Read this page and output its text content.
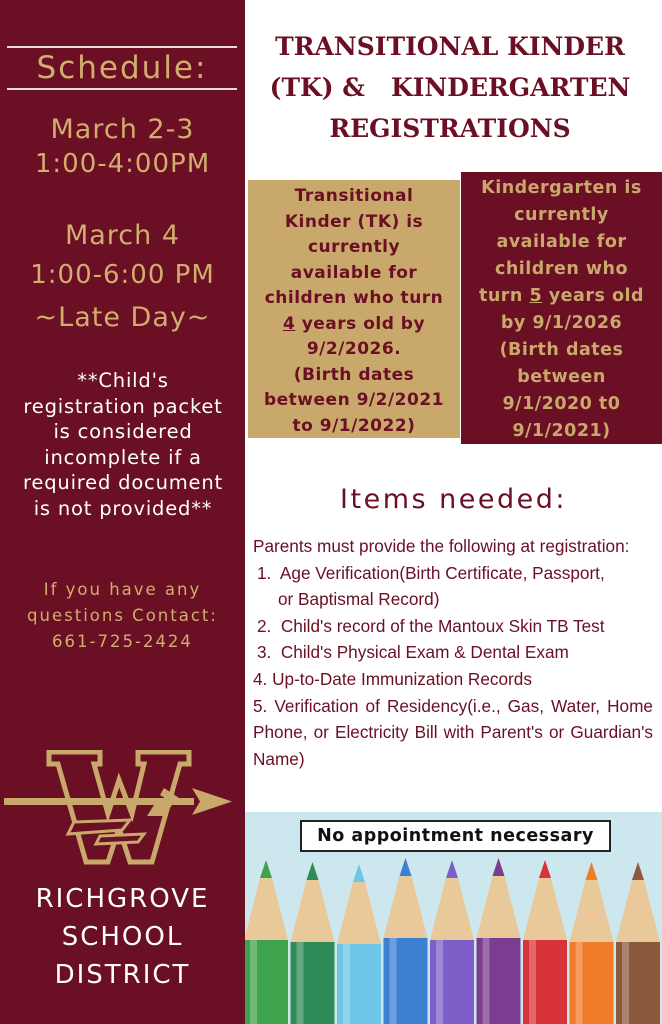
Schedule:
March 2-3
1:00-4:00PM
March 4
1:00-6:00 PM
~Late Day~
**Child's
registration packet
is considered
incomplete if a
required document
is not provided**
If you have any
questions Contact:
661-725-2424
RICHGROVE
SCHOOL
DISTRICT
TRANSITIONAL KINDER
(TK) &   KINDERGARTEN
REGISTRATIONS
Transitional
Kinder (TK) is
currently
available for
children who turn
4 years old by
9/2/2026.
(Birth dates
between 9/2/2021
to 9/1/2022)
Kindergarten is
currently
available for
children who
turn 5 years old
by 9/1/2026
(Birth dates
between
9/1/2020 t0
9/1/2021)
Items needed:
Parents must provide the following at registration:
1.  Age Verification(Birth Certificate, Passport,
or Baptismal Record)
2.  Child's record of the Mantoux Skin TB Test
3.  Child's Physical Exam & Dental Exam
4. Up-to-Date Immunization Records
5. Verification of Residency(i.e., Gas, Water, Home Phone, or Electricity Bill with Parent's or Guardian's Name)
No appointment necessary
